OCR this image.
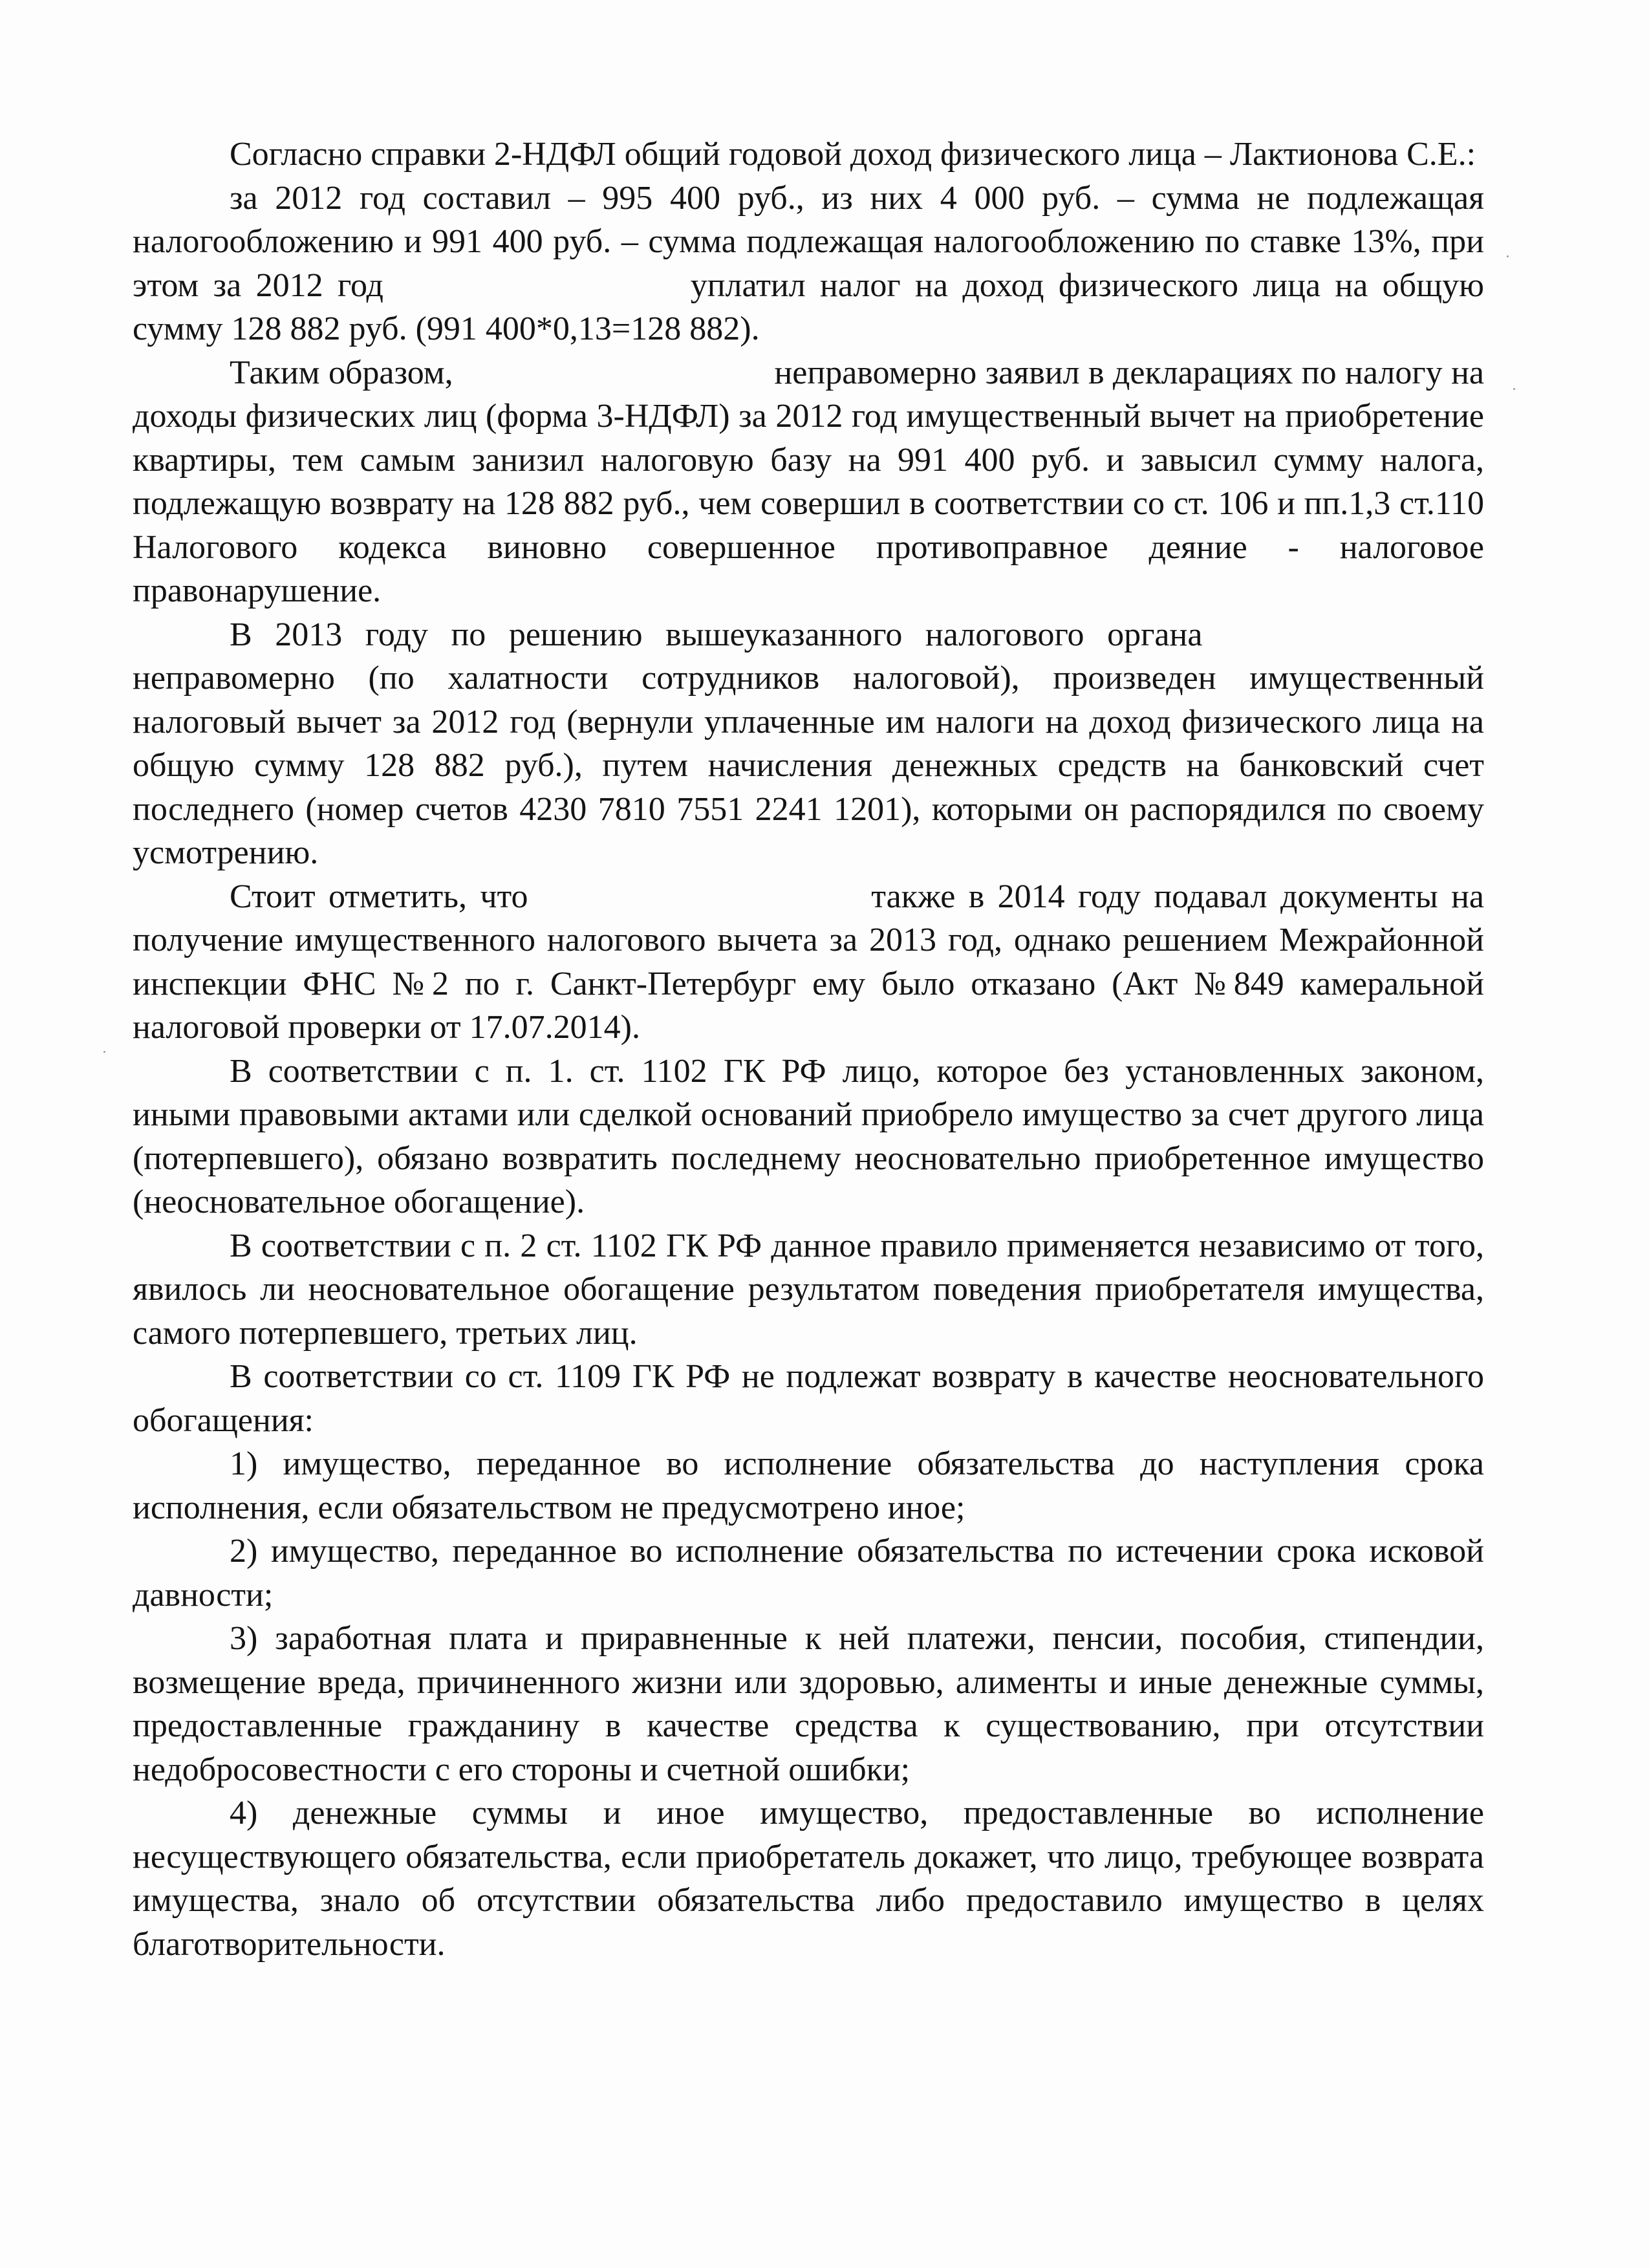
Согласно справки 2-НДФЛ общий годовой доход физического лица – Лактионова С.Е.:

за 2012 год составил – 995 400 руб., из них 4 000 руб. – сумма не подлежащая налогообложению и 991 400 руб. – сумма подлежащая налогообложению по ставке 13%, при этом за 2012 год	уплатил налог на доход физического лица на общую сумму 128 882 руб. (991 400*0,13=128 882).

Таким образом,	неправомерно заявил в декларациях по налогу на доходы физических лиц (форма 3-НДФЛ) за 2012 год имущественный вычет на приобретение квартиры, тем самым занизил налоговую базу на 991 400 руб. и завысил сумму налога, подлежащую возврату на 128 882 руб., чем совершил в соответствии со ст. 106 и пп.1,3 ст.110 Налогового кодекса виновно совершенное противоправное деяние - налоговое правонарушение.

В 2013 году по решению вышеуказанного налогового органа  неправомерно (по халатности сотрудников налоговой), произведен имущественный налоговый вычет за 2012 год (вернули уплаченные им налоги на доход физического лица на общую сумму 128 882 руб.), путем начисления денежных средств на банковский счет последнего (номер счетов 4230 7810 7551 2241 1201), которыми он распорядился по своему усмотрению.

Стоит отметить, что	также в 2014 году подавал документы на получение имущественного налогового вычета за 2013 год, однако решением Межрайонной инспекции ФНС №2 по г. Санкт-Петербург ему было отказано (Акт №849 камеральной налоговой проверки от 17.07.2014).

В соответствии с п. 1. ст. 1102 ГК РФ лицо, которое без установленных законом, иными правовыми актами или сделкой оснований приобрело имущество за счет другого лица (потерпевшего), обязано возвратить последнему неосновательно приобретенное имущество (неосновательное обогащение).

В соответствии с п. 2 ст. 1102 ГК РФ данное правило применяется независимо от того, явилось ли неосновательное обогащение результатом поведения приобретателя имущества, самого потерпевшего, третьих лиц.

В соответствии со ст. 1109 ГК РФ не подлежат возврату в качестве неосновательного обогащения:

1) имущество, переданное во исполнение обязательства до наступления срока исполнения, если обязательством не предусмотрено иное;

2) имущество, переданное во исполнение обязательства по истечении срока исковой давности;

3) заработная плата и приравненные к ней платежи, пенсии, пособия, стипендии, возмещение вреда, причиненного жизни или здоровью, алименты и иные денежные суммы, предоставленные гражданину в качестве средства к существованию, при отсутствии недобросовестности с его стороны и счетной ошибки;

4) денежные суммы и иное имущество, предоставленные во исполнение несуществующего обязательства, если приобретатель докажет, что лицо, требующее возврата имущества, знало об отсутствии обязательства либо предоставило имущество в целях благотворительности.
